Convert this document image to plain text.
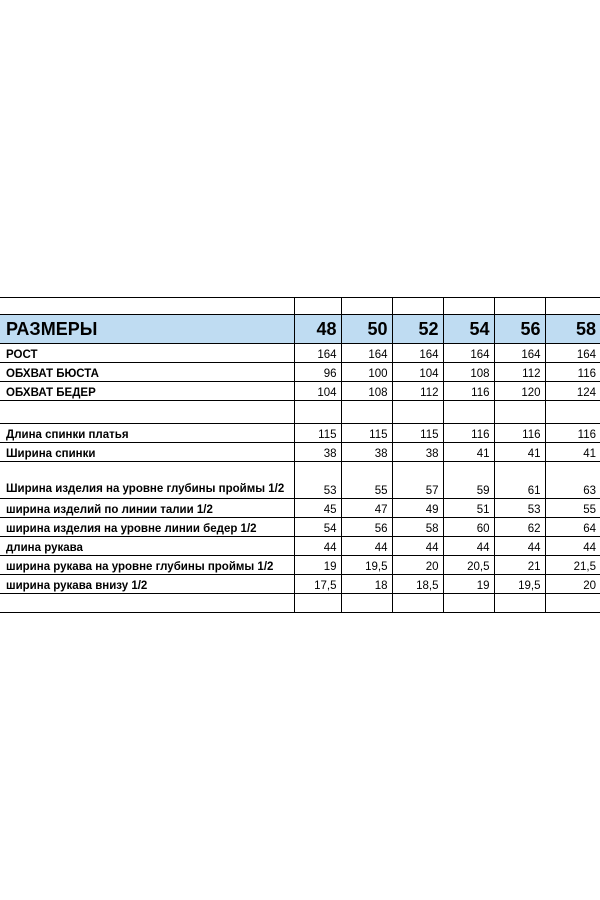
РАЗМЕРЫ	48	50	52	54	56	58
РОСТ	164	164	164	164	164	164
ОБХВАТ БЮСТА	96	100	104	108	112	116
ОБХВАТ БЕДЕР	104	108	112	116	120	124

Длина спинки платья	115	115	115	116	116	116
Ширина спинки	38	38	38	41	41	41
Ширина изделия на уровне глубины проймы 1/2	53	55	57	59	61	63
ширина изделий по линии талии 1/2	45	47	49	51	53	55
ширина изделия на уровне линии бедер 1/2	54	56	58	60	62	64
длина рукава	44	44	44	44	44	44
ширина рукава на уровне глубины проймы 1/2	19	19,5	20	20,5	21	21,5
ширина рукава внизу 1/2	17,5	18	18,5	19	19,5	20
